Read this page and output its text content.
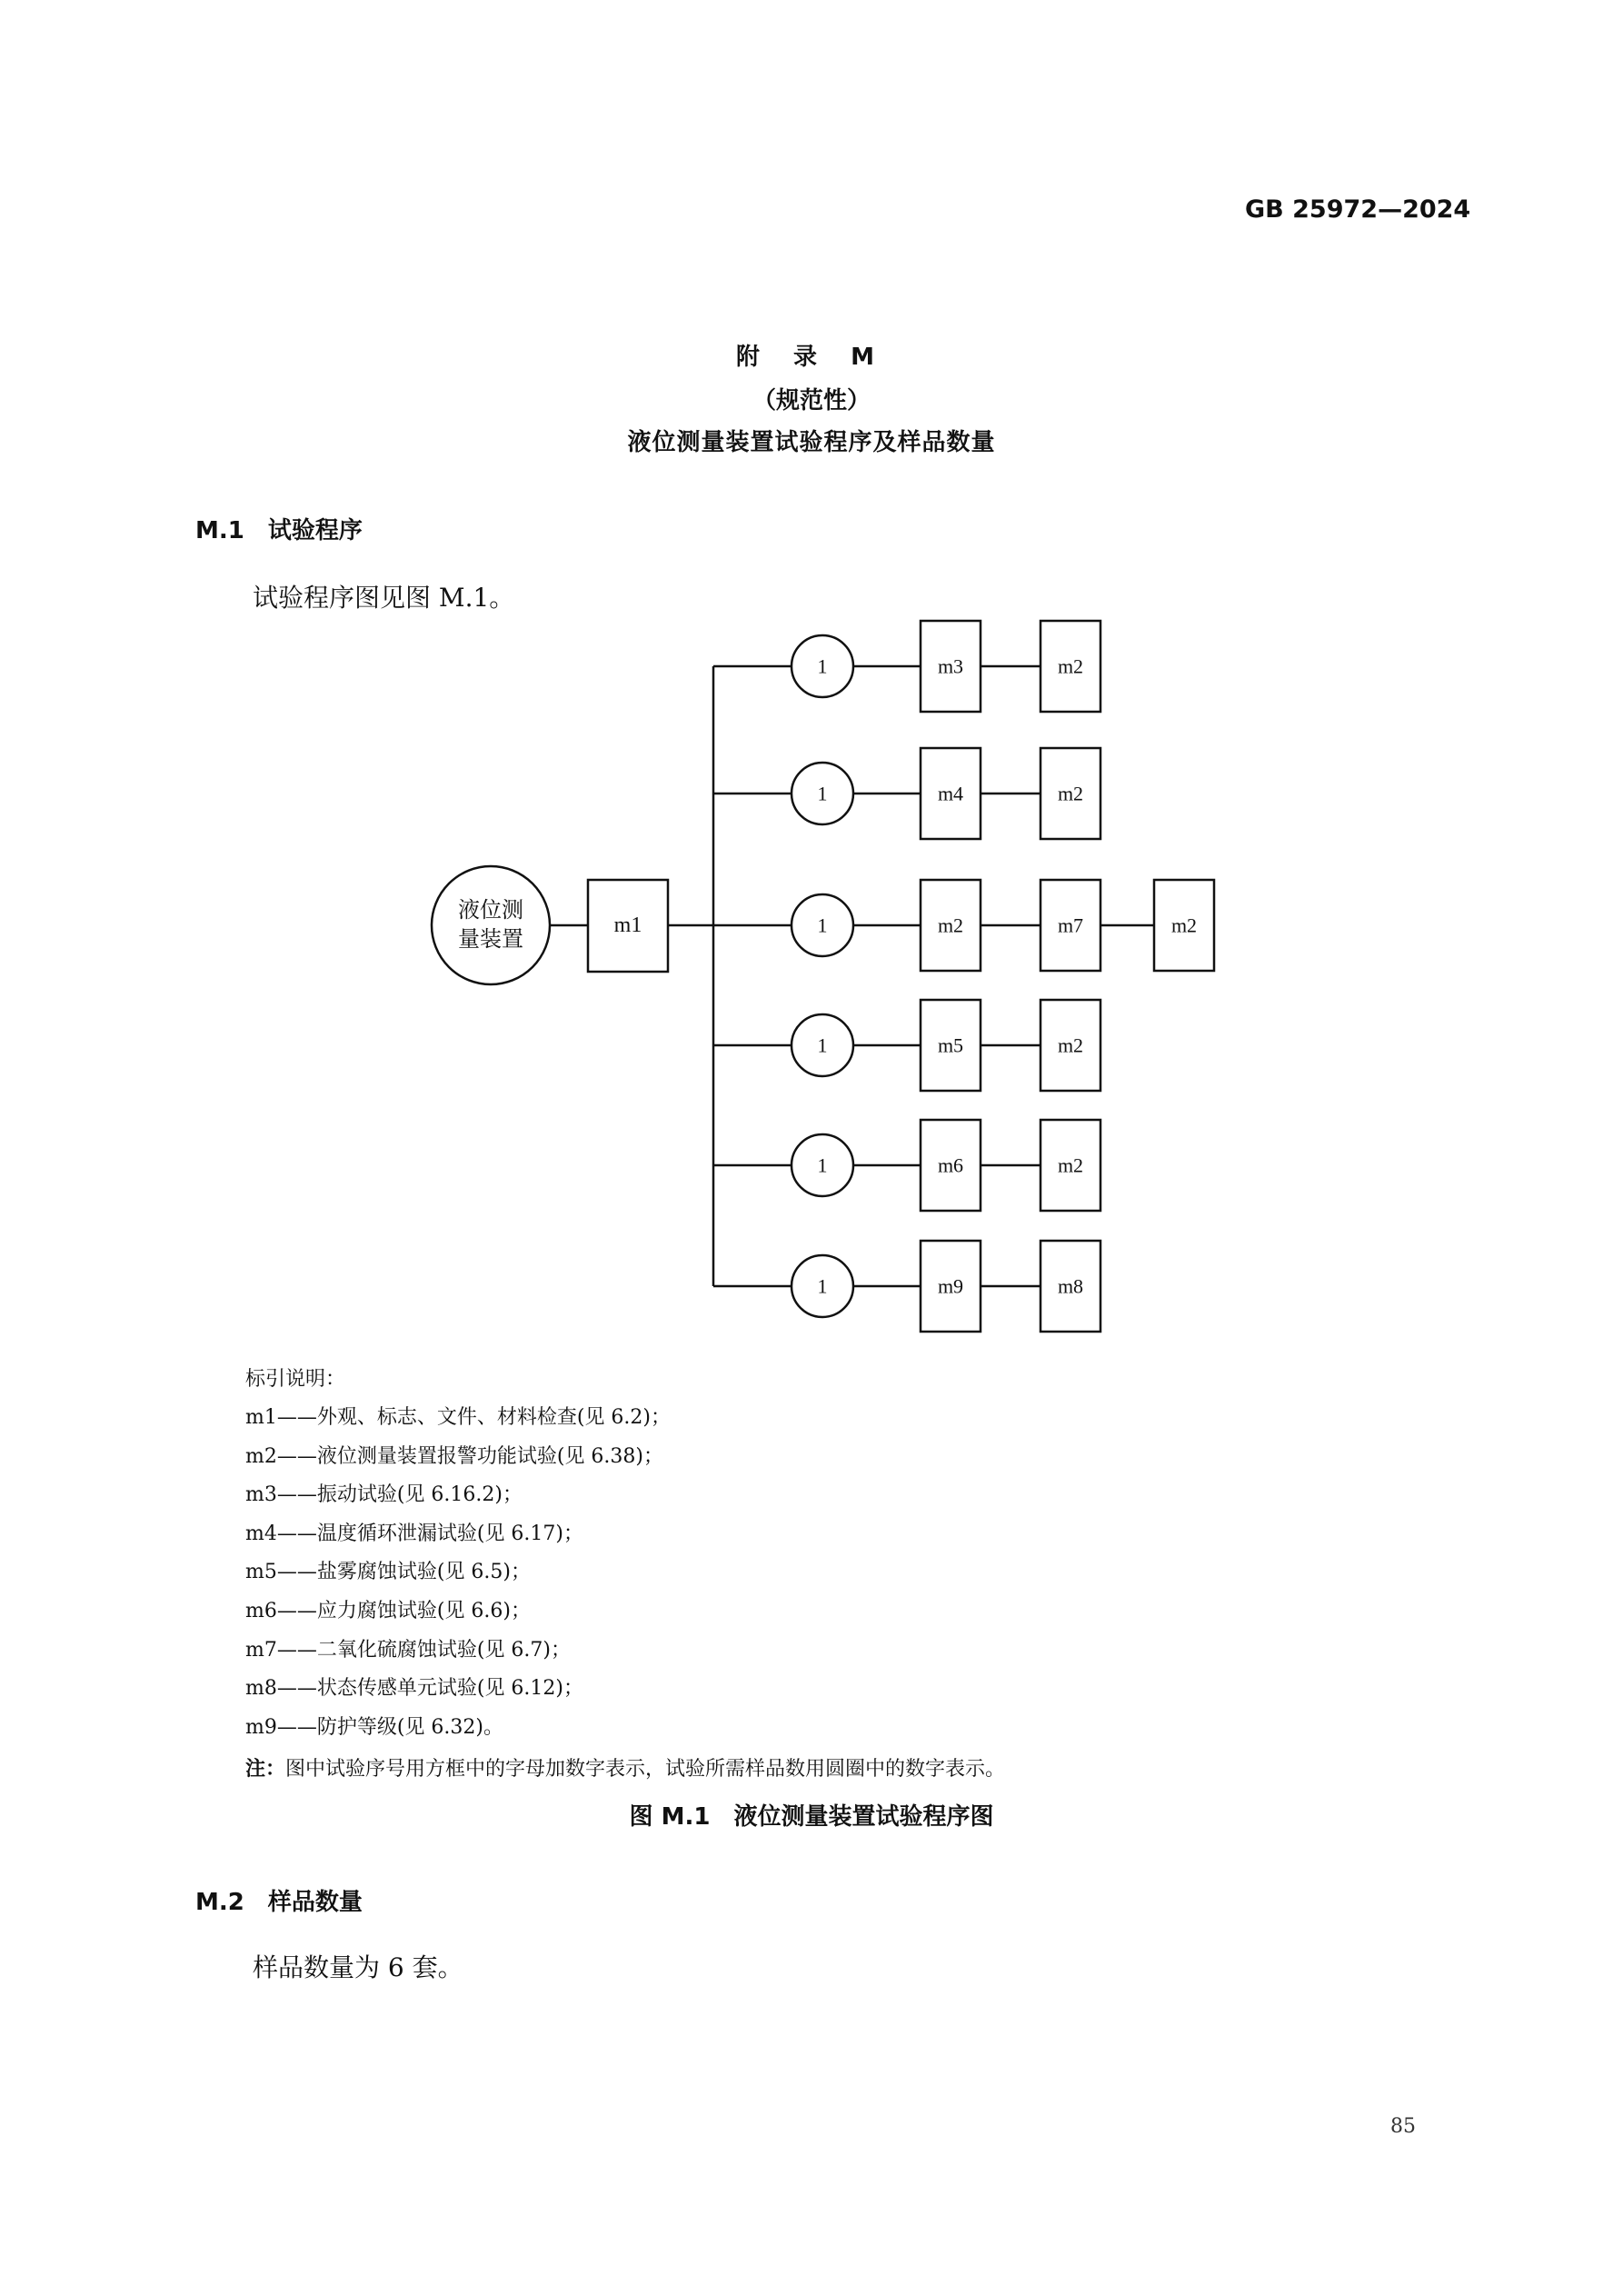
GB 25972—2024
附 录 M
（规范性）
液位测量装置试验程序及样品数量
M.1　试验程序
试验程序图见图 M.1。
液位测
量装置
m1
1	m3	m2
1	m4	m2
1	m2	m7	m2
1	m5	m2
1	m6	m2
1	m9	m8
标引说明：
m1——外观、标志、文件、材料检查(见 6.2)；
m2——液位测量装置报警功能试验(见 6.38)；
m3——振动试验(见 6.16.2)；
m4——温度循环泄漏试验(见 6.17)；
m5——盐雾腐蚀试验(见 6.5)；
m6——应力腐蚀试验(见 6.6)；
m7——二氧化硫腐蚀试验(见 6.7)；
m8——状态传感单元试验(见 6.12)；
m9——防护等级(见 6.32)。
注：图中试验序号用方框中的字母加数字表示，试验所需样品数用圆圈中的数字表示。
图 M.1　液位测量装置试验程序图
M.2　样品数量
样品数量为 6 套。
85
